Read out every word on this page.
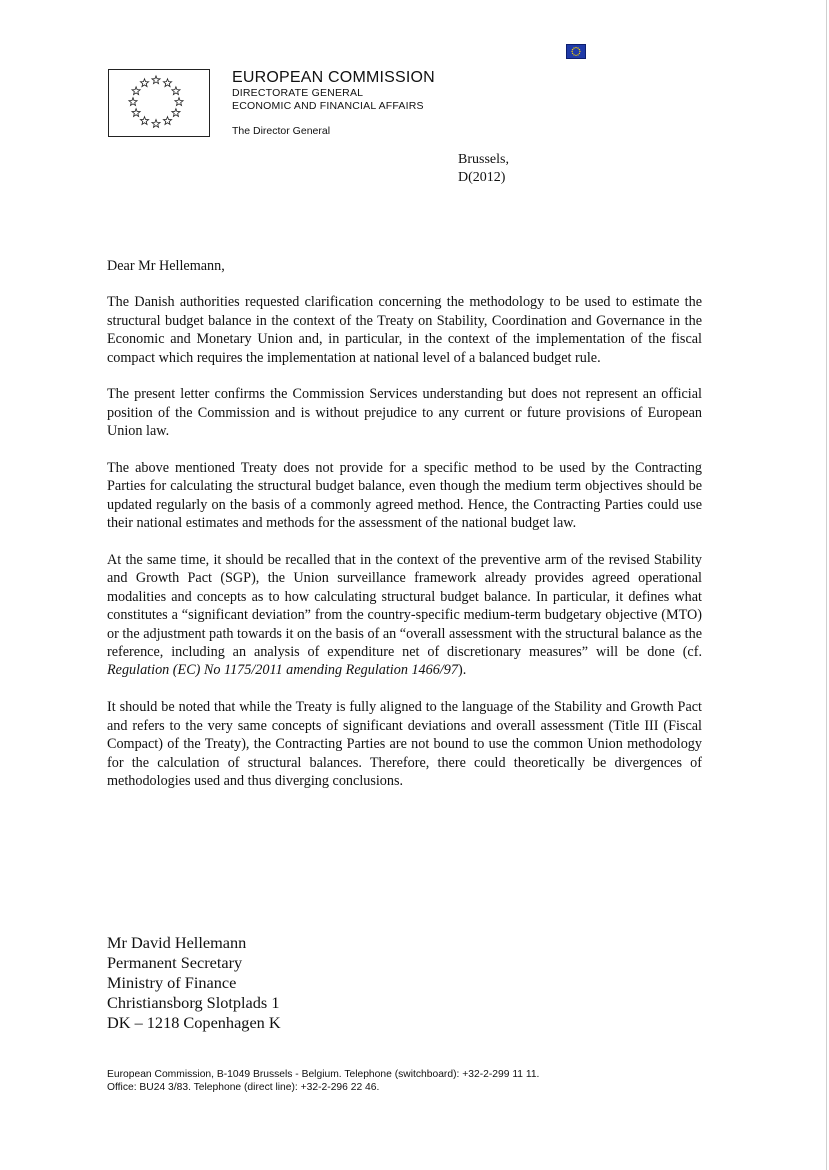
EUROPEAN COMMISSION
DIRECTORATE GENERAL
ECONOMIC AND FINANCIAL AFFAIRS
The Director General
Brussels,
D(2012)

Dear Mr Hellemann,

The Danish authorities requested clarification concerning the methodology to be used to estimate the structural budget balance in the context of the Treaty on Stability, Coordination and Governance in the Economic and Monetary Union and, in particular, in the context of the implementation of the fiscal compact which requires the implementation at national level of a balanced budget rule.

The present letter confirms the Commission Services understanding but does not represent an official position of the Commission and is without prejudice to any current or future provisions of European Union law.

The above mentioned Treaty does not provide for a specific method to be used by the Contracting Parties for calculating the structural budget balance, even though the medium term objectives should be updated regularly on the basis of a commonly agreed method. Hence, the Contracting Parties could use their national estimates and methods for the assessment of the national budget law.

At the same time, it should be recalled that in the context of the preventive arm of the revised Stability and Growth Pact (SGP), the Union surveillance framework already provides agreed operational modalities and concepts as to how calculating structural budget balance. In particular, it defines what constitutes a “significant deviation” from the country-specific medium-term budgetary objective (MTO) or the adjustment path towards it on the basis of an “overall assessment with the structural balance as the reference, including an analysis of expenditure net of discretionary measures” will be done (cf. Regulation (EC) No 1175/2011 amending Regulation 1466/97).

It should be noted that while the Treaty is fully aligned to the language of the Stability and Growth Pact and refers to the very same concepts of significant deviations and overall assessment (Title III (Fiscal Compact) of the Treaty), the Contracting Parties are not bound to use the common Union methodology for the calculation of structural balances. Therefore, there could theoretically be divergences of methodologies used and thus diverging conclusions.

Mr David Hellemann
Permanent Secretary
Ministry of Finance
Christiansborg Slotplads 1
DK – 1218 Copenhagen K
European Commission, B-1049 Brussels - Belgium. Telephone (switchboard): +32-2-299 11 11.
Office: BU24 3/83. Telephone (direct line): +32-2-296 22 46.
